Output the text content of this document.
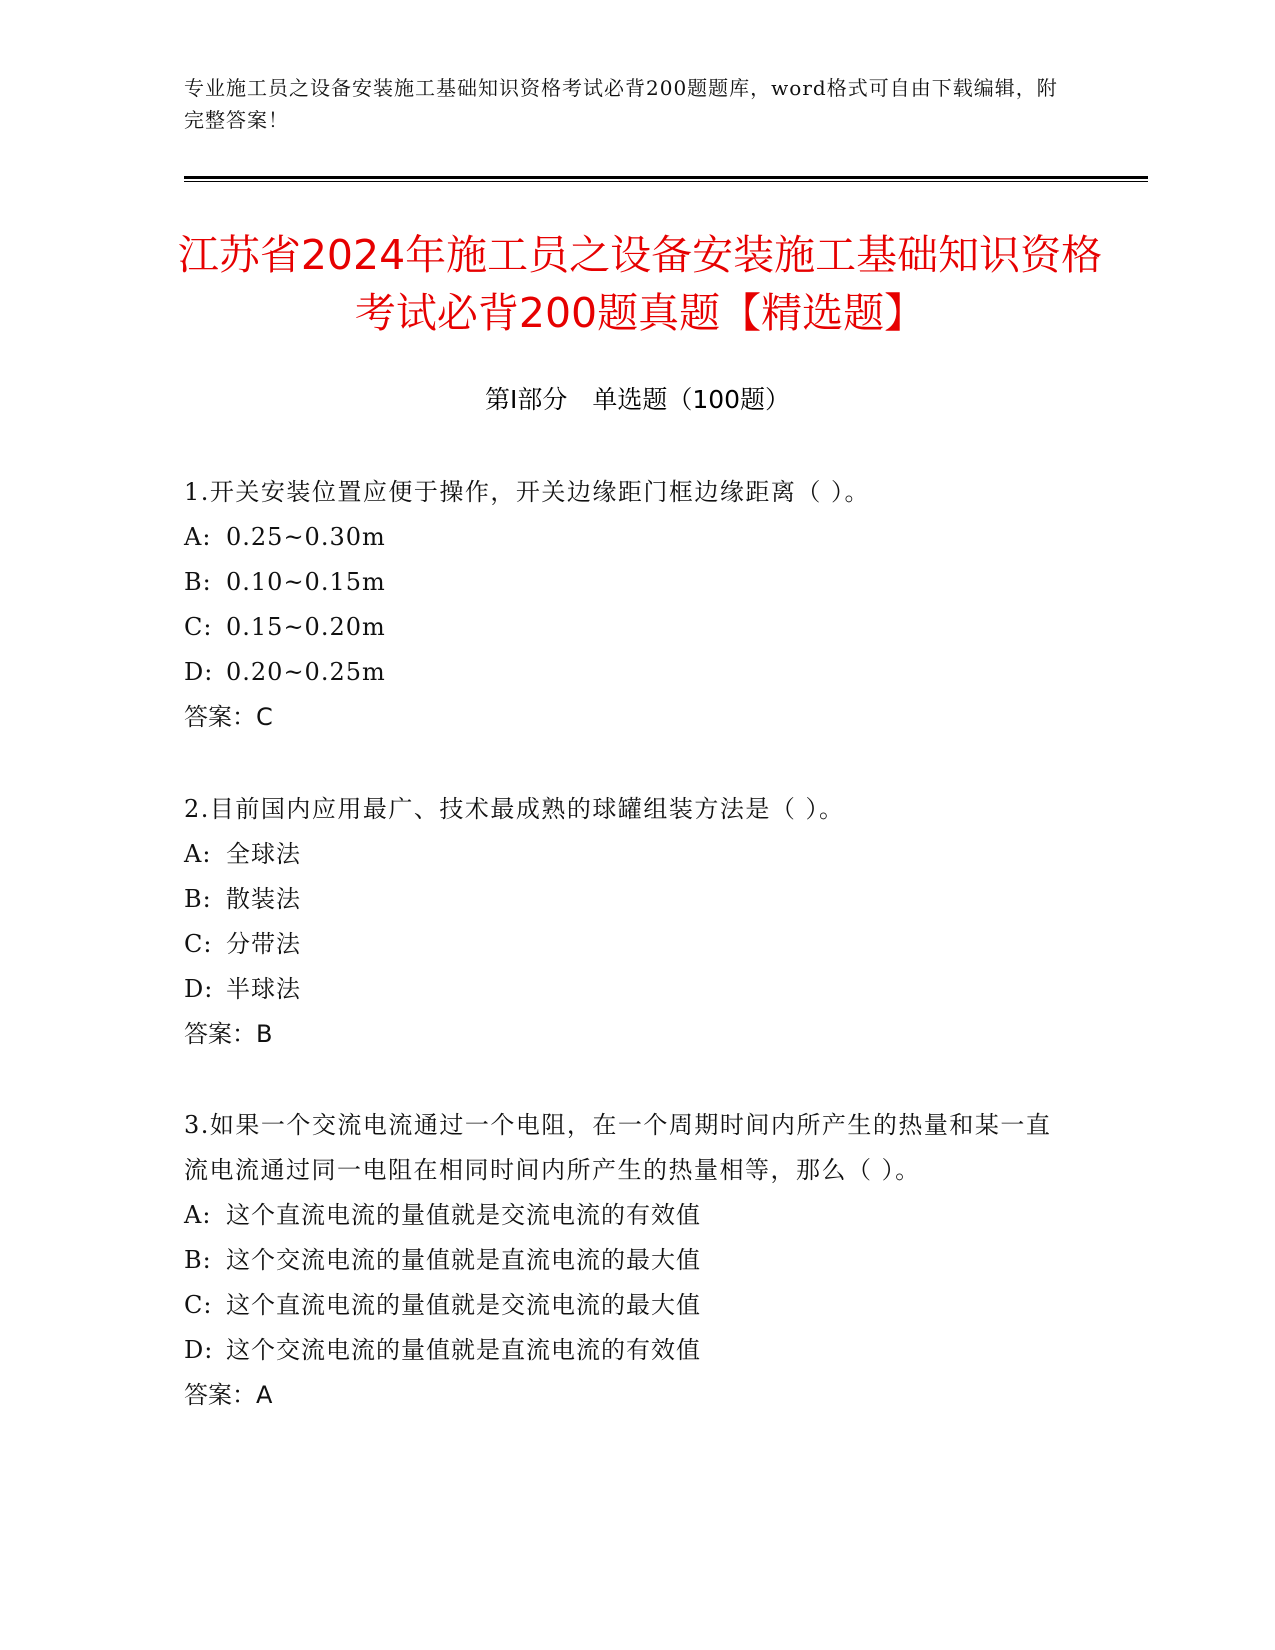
专业施工员之设备安装施工基础知识资格考试必背200题题库，word格式可自由下载编辑，附完整答案！
江苏省2024年施工员之设备安装施工基础知识资格考试必背200题真题【精选题】
第Ⅰ部分　单选题（100题）
1.开关安装位置应便于操作，开关边缘距门框边缘距离（ ）。
A: 0.25~0.30m
B: 0.10~0.15m
C: 0.15~0.20m
D: 0.20~0.25m
答案：C
2.目前国内应用最广、技术最成熟的球罐组装方法是（ ）。
A: 全球法
B: 散装法
C: 分带法
D: 半球法
答案：B
3.如果一个交流电流通过一个电阻，在一个周期时间内所产生的热量和某一直流电流通过同一电阻在相同时间内所产生的热量相等，那么（ ）。
A: 这个直流电流的量值就是交流电流的有效值
B: 这个交流电流的量值就是直流电流的最大值
C: 这个直流电流的量值就是交流电流的最大值
D: 这个交流电流的量值就是直流电流的有效值
答案：A
